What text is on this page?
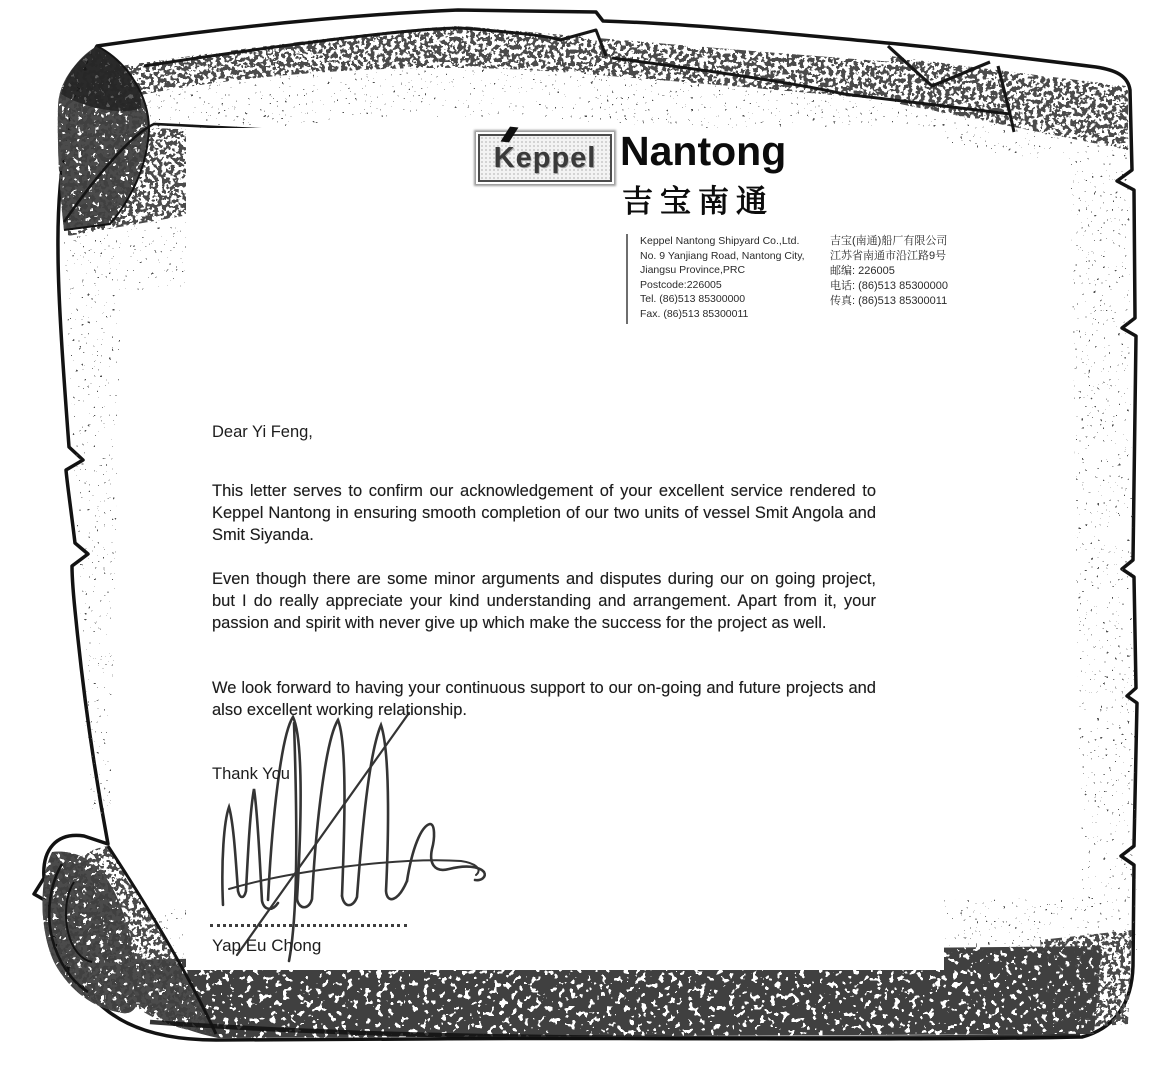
Keppel Nantong

吉宝南通

Keppel Nantong Shipyard Co.,Ltd.
No. 9 Yanjiang Road, Nantong City,
Jiangsu Province,PRC
Postcode:226005
Tel. (86)513 85300000
Fax. (86)513 85300011
吉宝(南通)船厂有限公司
江苏省南通市沿江路9号
邮编: 226005
电话: (86)513 85300000
传真: (86)513 85300011

Dear Yi Feng,

This letter serves to confirm our acknowledgement of your excellent service rendered to Keppel Nantong in ensuring smooth completion of our two units of vessel Smit Angola and Smit Siyanda.

Even though there are some minor arguments and disputes during our on going project, but I do really appreciate your kind understanding and arrangement. Apart from it, your passion and spirit with never give up which make the success for the project as well.

We look forward to having your continuous support to our on-going and future projects and also excellent working relationship.

Thank You

Yap Eu Chong
